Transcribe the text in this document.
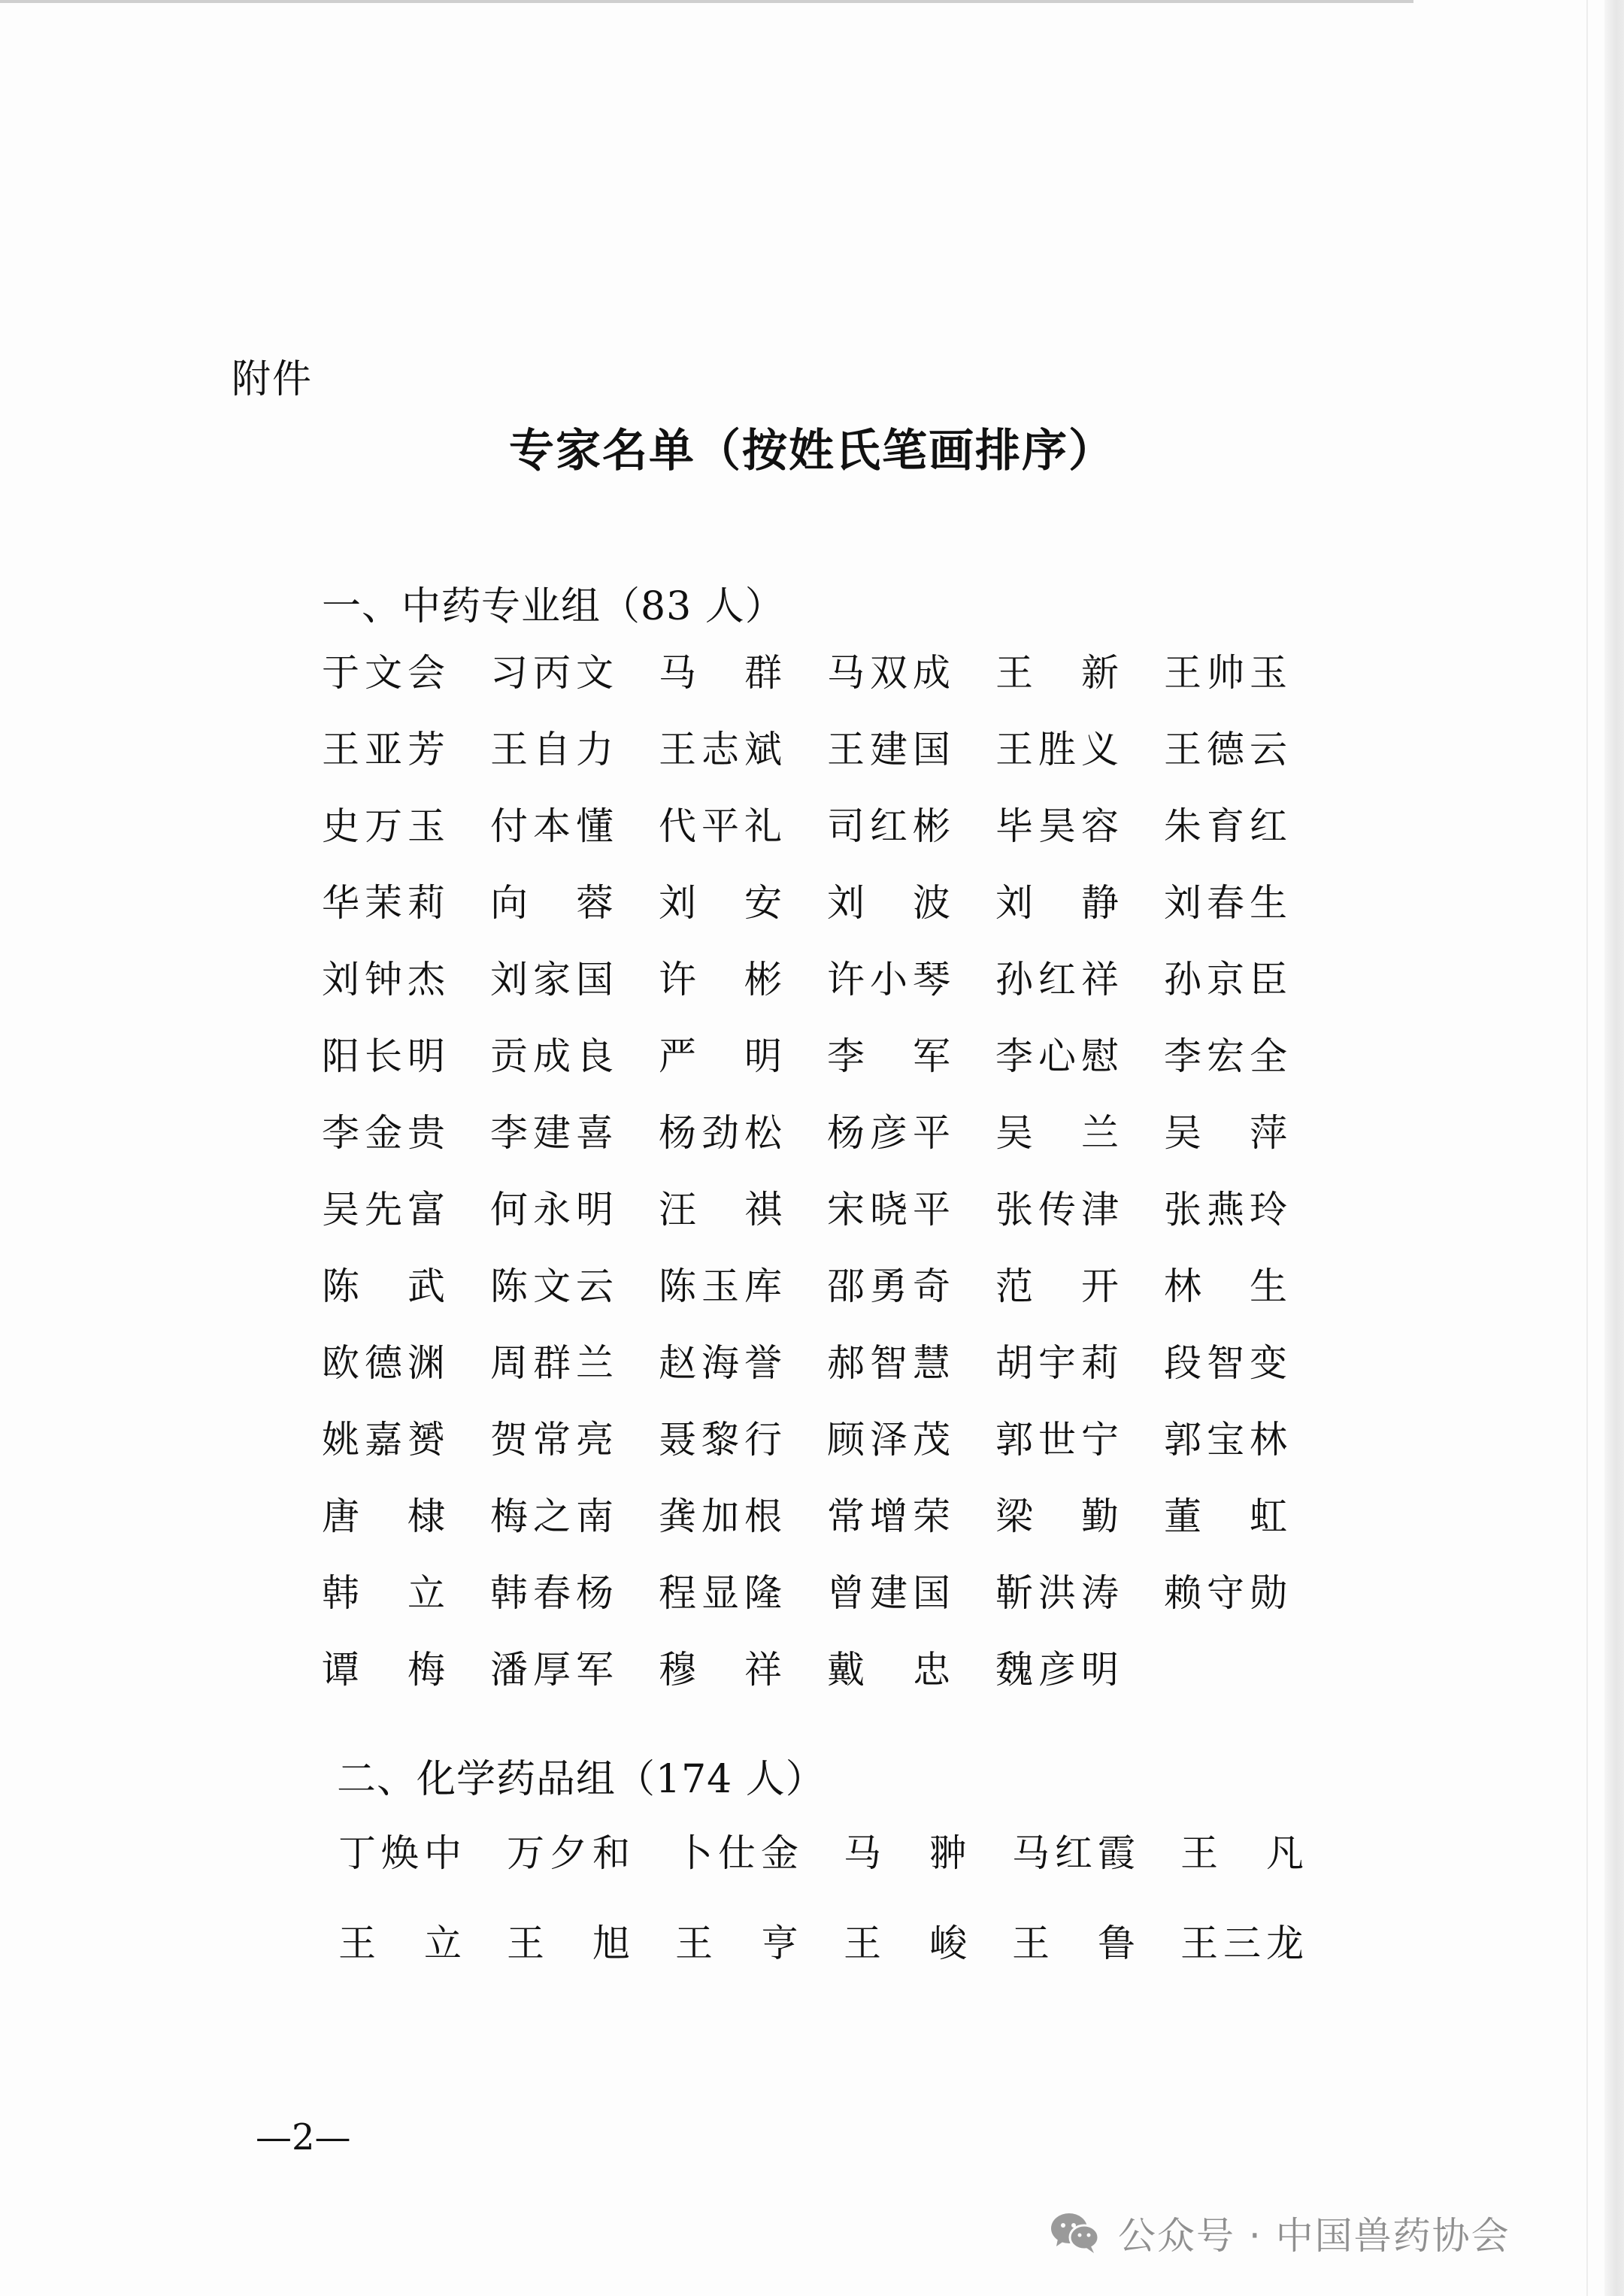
附件
专家名单（按姓氏笔画排序）
一、中药专业组（83 人）
于 文 会 习 丙 文 马 群 马 双 成 王 新 王 帅 玉
王 亚 芳 王 自 力 王 志 斌 王 建 国 王 胜 义 王 德 云
史 万 玉 付 本 懂 代 平 礼 司 红 彬 毕 昊 容 朱 育 红
华 茉 莉 向 蓉 刘 安 刘 波 刘 静 刘 春 生
刘 钟 杰 刘 家 国 许 彬 许 小 琴 孙 红 祥 孙 京 臣
阳 长 明 贡 成 良 严 明 李 军 李 心 慰 李 宏 全
李 金 贵 李 建 喜 杨 劲 松 杨 彦 平 吴 兰 吴 萍
吴 先 富 何 永 明 汪 祺 宋 晓 平 张 传 津 张 燕 玲
陈 武 陈 文 云 陈 玉 库 邵 勇 奇 范 开 林 生
欧 德 渊 周 群 兰 赵 海 誉 郝 智 慧 胡 宇 莉 段 智 变
姚 嘉 赟 贺 常 亮 聂 黎 行 顾 泽 茂 郭 世 宁 郭 宝 林
唐 棣 梅 之 南 龚 加 根 常 增 荣 梁 勤 董 虹
韩 立 韩 春 杨 程 显 隆 曾 建 国 靳 洪 涛 赖 守 勋
谭 梅 潘 厚 军 穆 祥 戴 忠 魏 彦 明
二、化学药品组（174 人）
丁 焕 中 万 夕 和 卜 仕 金 马 翀 马 红 霞 王 凡
王 立 王 旭 王 亨 王 峻 王 鲁 王 三 龙
—2—
公众号 · 中国兽药协会
